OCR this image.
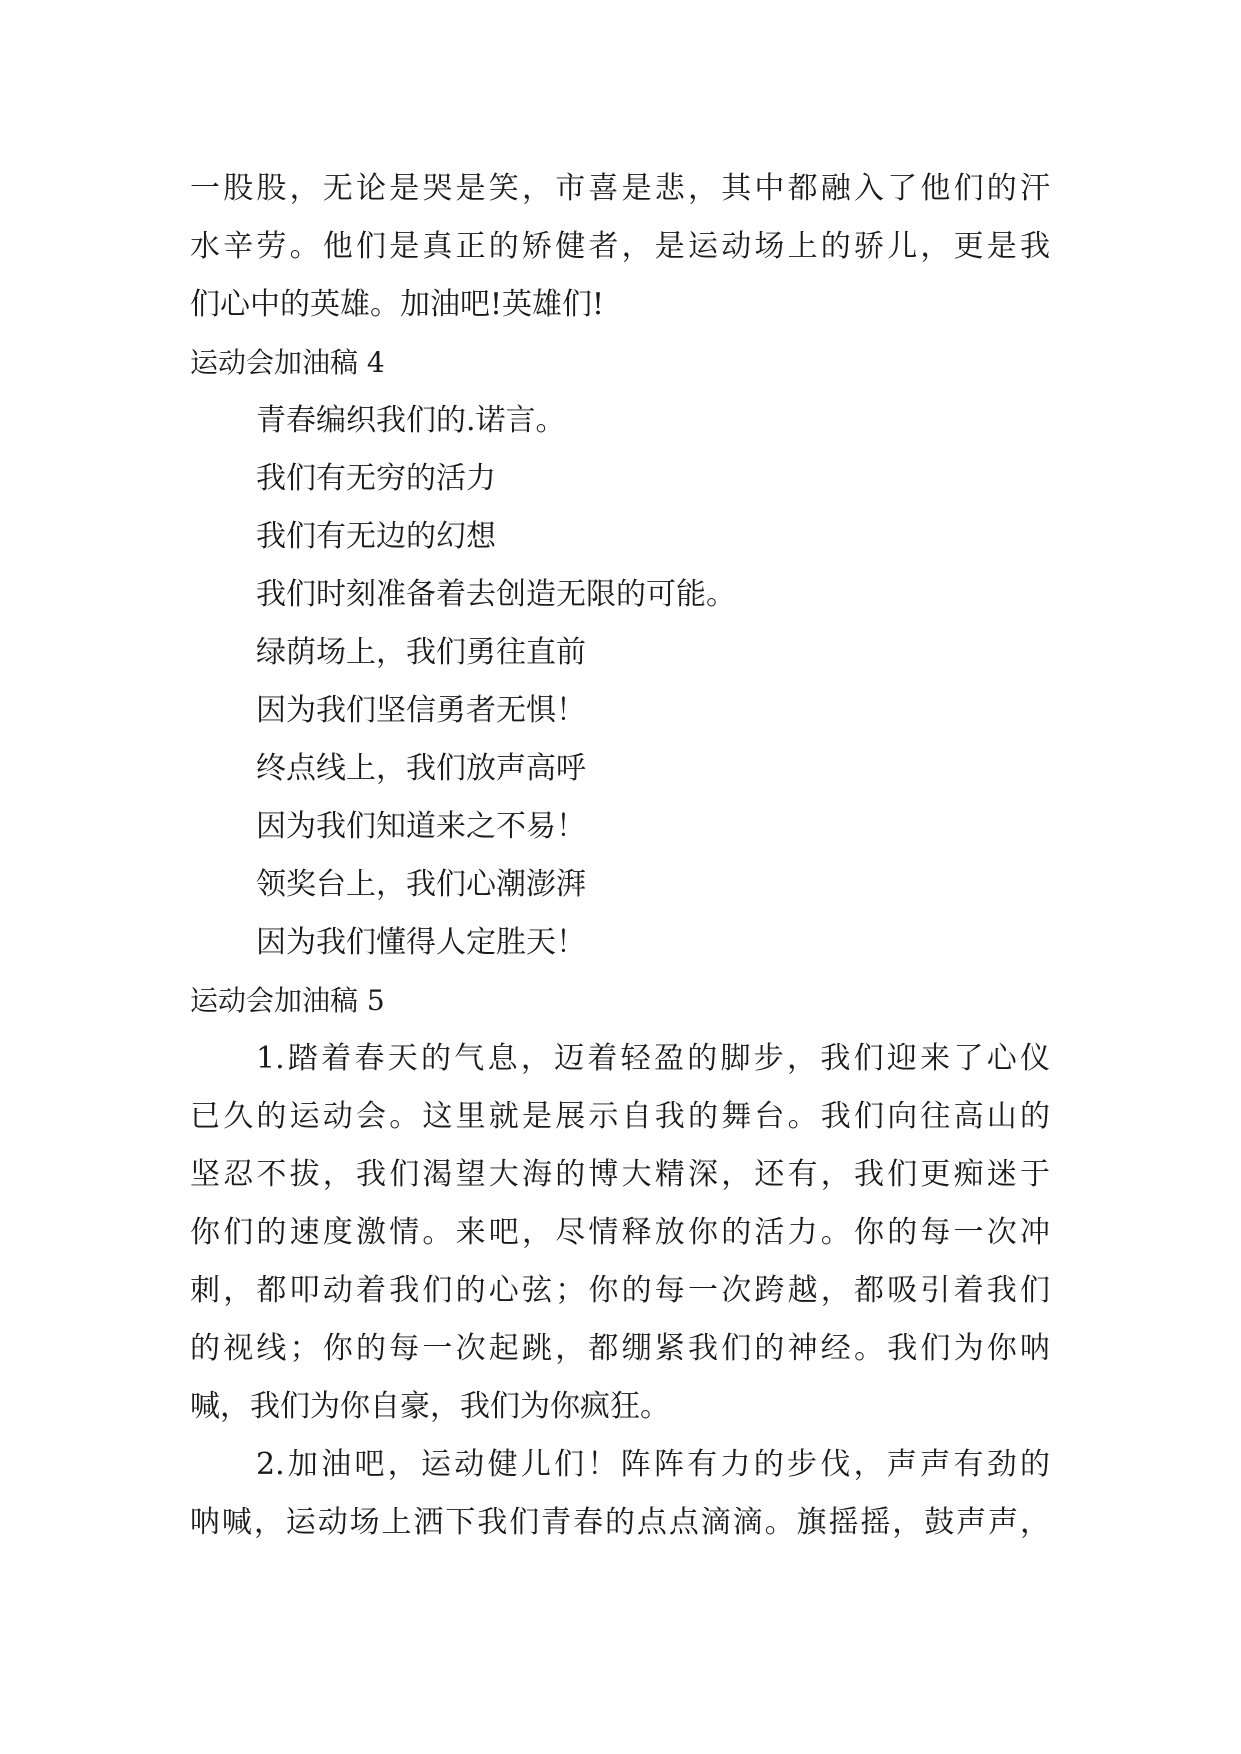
一股股，无论是哭是笑，市喜是悲，其中都融入了他们的汗
水辛劳。他们是真正的矫健者，是运动场上的骄儿，更是我
们心中的英雄。加油吧!英雄们!
运动会加油稿 4
青春编织我们的.诺言。
我们有无穷的活力
我们有无边的幻想
我们时刻准备着去创造无限的可能。
绿荫场上，我们勇往直前
因为我们坚信勇者无惧！
终点线上，我们放声高呼
因为我们知道来之不易！
领奖台上，我们心潮澎湃
因为我们懂得人定胜天！
运动会加油稿 5
1.踏着春天的气息，迈着轻盈的脚步，我们迎来了心仪
已久的运动会。这里就是展示自我的舞台。我们向往高山的
坚忍不拔，我们渴望大海的博大精深，还有，我们更痴迷于
你们的速度激情。来吧，尽情释放你的活力。你的每一次冲
刺，都叩动着我们的心弦；你的每一次跨越，都吸引着我们
的视线；你的每一次起跳，都绷紧我们的神经。我们为你呐
喊，我们为你自豪，我们为你疯狂。
2.加油吧，运动健儿们！阵阵有力的步伐，声声有劲的
呐喊，运动场上洒下我们青春的点点滴滴。旗摇摇，鼓声声，
